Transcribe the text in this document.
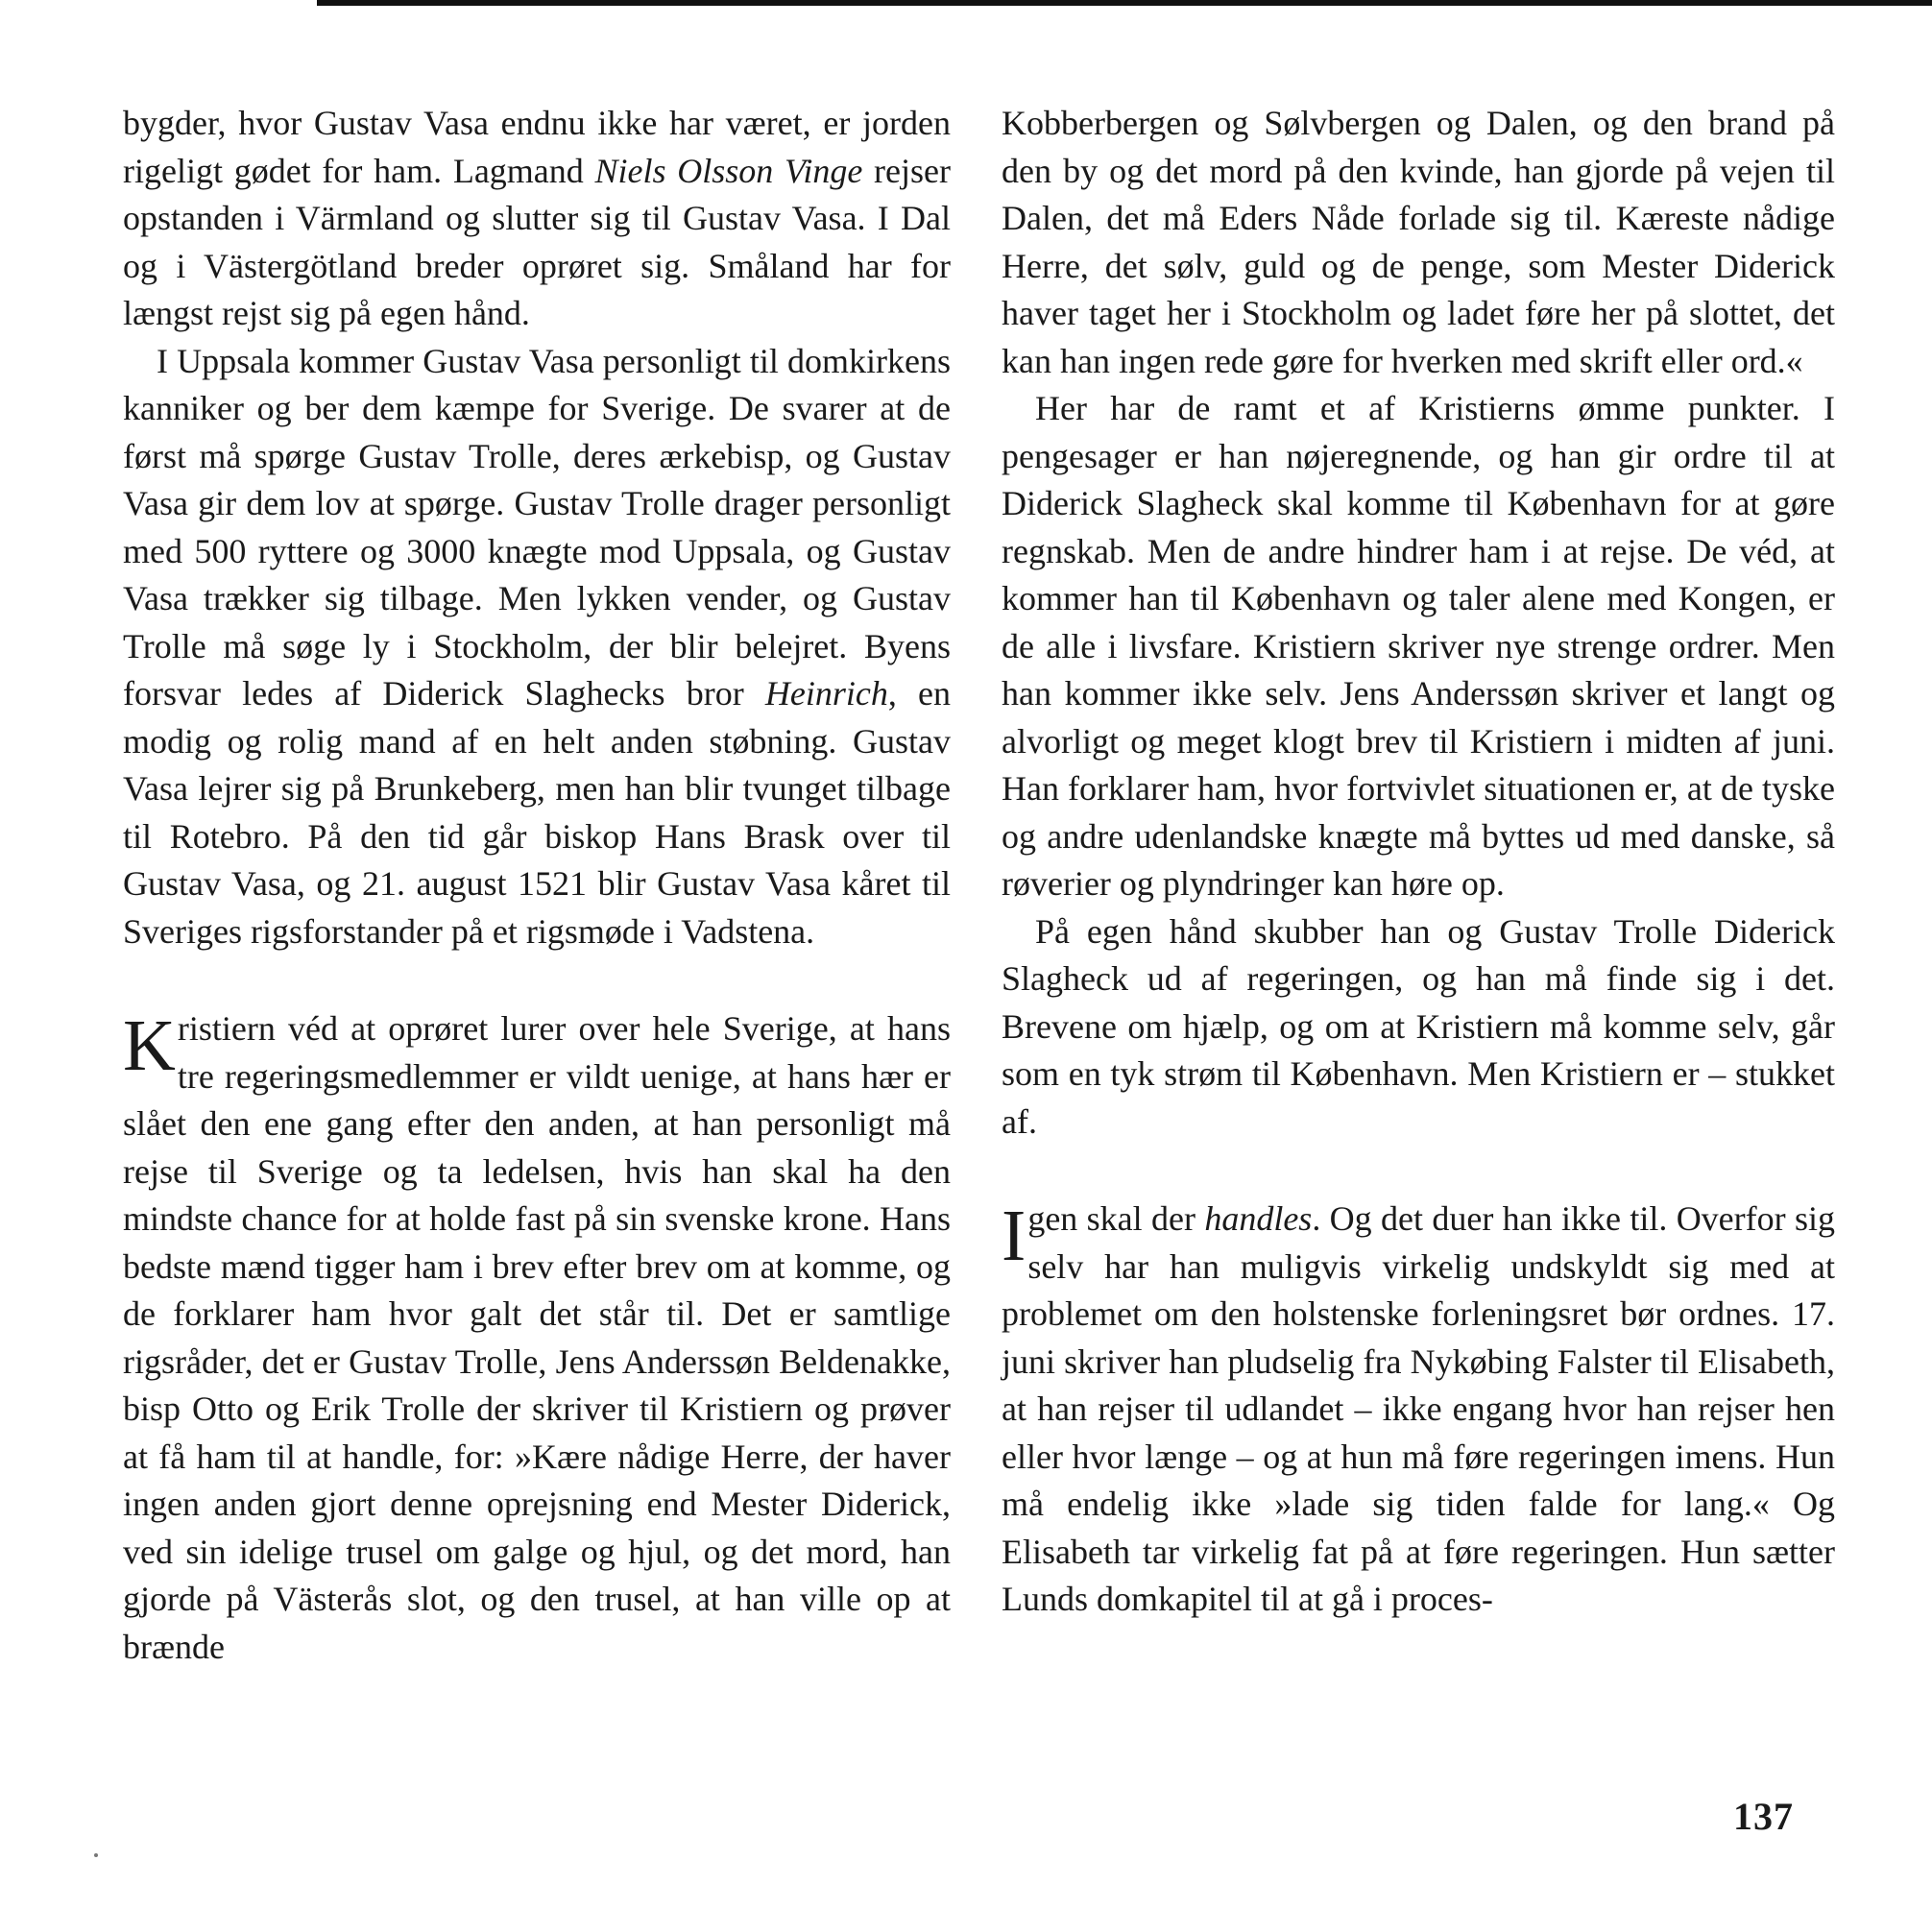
bygder, hvor Gustav Vasa endnu ikke har været, er jorden rigeligt gødet for ham. Lagmand Niels Olsson Vinge rejser opstanden i Värmland og slutter sig til Gustav Vasa. I Dal og i Västergötland breder oprøret sig. Småland har for længst rejst sig på egen hånd.

I Uppsala kommer Gustav Vasa personligt til domkirkens kanniker og ber dem kæmpe for Sverige. De svarer at de først må spørge Gustav Trolle, deres ærkebisp, og Gustav Vasa gir dem lov at spørge. Gustav Trolle drager personligt med 500 ryttere og 3000 knægte mod Uppsala, og Gustav Vasa trækker sig tilbage. Men lykken vender, og Gustav Trolle må søge ly i Stockholm, der blir belejret. Byens forsvar ledes af Diderick Slaghecks bror Heinrich, en modig og rolig mand af en helt anden støbning. Gustav Vasa lejrer sig på Brunkeberg, men han blir tvunget tilbage til Rotebro. På den tid går biskop Hans Brask over til Gustav Vasa, og 21. august 1521 blir Gustav Vasa kåret til Sveriges rigsforstander på et rigsmøde i Vadstena.

Kristiern véd at oprøret lurer over hele Sverige, at hans tre regeringsmedlemmer er vildt uenige, at hans hær er slået den ene gang efter den anden, at han personligt må rejse til Sverige og ta ledelsen, hvis han skal ha den mindste chance for at holde fast på sin svenske krone. Hans bedste mænd tigger ham i brev efter brev om at komme, og de forklarer ham hvor galt det står til. Det er samtlige rigsråder, det er Gustav Trolle, Jens Anderssøn Beldenakke, bisp Otto og Erik Trolle der skriver til Kristiern og prøver at få ham til at handle, for: »Kære nådige Herre, der haver ingen anden gjort denne oprejsning end Mester Diderick, ved sin idelige trusel om galge og hjul, og det mord, han gjorde på Västerås slot, og den trusel, at han ville op at brænde

Kobberbergen og Sølvbergen og Dalen, og den brand på den by og det mord på den kvinde, han gjorde på vejen til Dalen, det må Eders Nåde forlade sig til. Kæreste nådige Herre, det sølv, guld og de penge, som Mester Diderick haver taget her i Stockholm og ladet føre her på slottet, det kan han ingen rede gøre for hverken med skrift eller ord.«

Her har de ramt et af Kristierns ømme punkter. I pengesager er han nøjeregnende, og han gir ordre til at Diderick Slagheck skal komme til København for at gøre regnskab. Men de andre hindrer ham i at rejse. De véd, at kommer han til København og taler alene med Kongen, er de alle i livsfare. Kristiern skriver nye strenge ordrer. Men han kommer ikke selv. Jens Anderssøn skriver et langt og alvorligt og meget klogt brev til Kristiern i midten af juni. Han forklarer ham, hvor fortvivlet situationen er, at de tyske og andre udenlandske knægte må byttes ud med danske, så røverier og plyndringer kan høre op.

På egen hånd skubber han og Gustav Trolle Diderick Slagheck ud af regeringen, og han må finde sig i det. Brevene om hjælp, og om at Kristiern må komme selv, går som en tyk strøm til København. Men Kristiern er – stukket af.

Igen skal der handles. Og det duer han ikke til. Overfor sig selv har han muligvis virkelig undskyldt sig med at problemet om den holstenske forleningsret bør ordnes. 17. juni skriver han pludselig fra Nykøbing Falster til Elisabeth, at han rejser til udlandet – ikke engang hvor han rejser hen eller hvor længe – og at hun må føre regeringen imens. Hun må endelig ikke »lade sig tiden falde for lang.« Og Elisabeth tar virkelig fat på at føre regeringen. Hun sætter Lunds domkapitel til at gå i proces-

137
